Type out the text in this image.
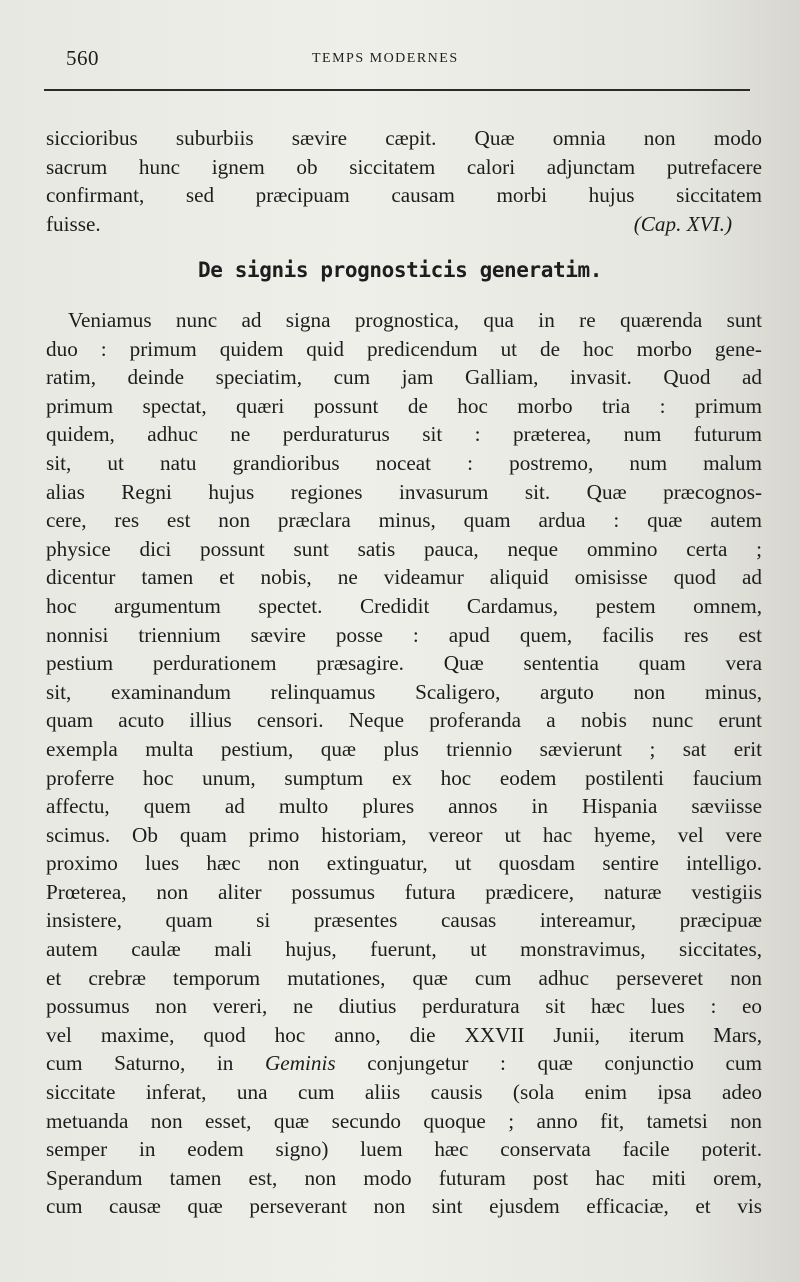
560	TEMPS MODERNES
siccioribus suburbiis sævire cæpit. Quæ omnia non modo
sacrum hunc ignem ob siccitatem calori adjunctam putrefacere
confirmant, sed præcipuam causam morbi hujus siccitatem
fuisse.	(Cap. XVI.)
De signis prognosticis generatim.
Veniamus nunc ad signa prognostica, qua in re quærenda sunt
duo : primum quidem quid predicendum ut de hoc morbo gene-
ratim, deinde speciatim, cum jam Galliam, invasit. Quod ad
primum spectat, quæri possunt de hoc morbo tria : primum
quidem, adhuc ne perduraturus sit : præterea, num futurum
sit, ut natu grandioribus noceat : postremo, num malum
alias Regni hujus regiones invasurum sit. Quæ præcognos-
cere, res est non præclara minus, quam ardua : quæ autem
physice dici possunt sunt satis pauca, neque ommino certa ;
dicentur tamen et nobis, ne videamur aliquid omisisse quod ad
hoc argumentum spectet. Credidit Cardamus, pestem omnem,
nonnisi triennium sævire posse : apud quem, facilis res est
pestium perdurationem præsagire. Quæ sententia quam vera
sit, examinandum relinquamus Scaligero, arguto non minus,
quam acuto illius censori. Neque proferanda a nobis nunc erunt
exempla multa pestium, quæ plus triennio sævierunt ; sat erit
proferre hoc unum, sumptum ex hoc eodem postilenti faucium
affectu, quem ad multo plures annos in Hispania sæviisse
scimus. Ob quam primo historiam, vereor ut hac hyeme, vel vere
proximo lues hæc non extinguatur, ut quosdam sentire intelligo.
Prœterea, non aliter possumus futura prædicere, naturæ vestigiis
insistere, quam si præsentes causas intereamur, præcipuæ
autem caulæ mali hujus, fuerunt, ut monstravimus, siccitates,
et crebræ temporum mutationes, quæ cum adhuc perseveret non
possumus non vereri, ne diutius perduratura sit hæc lues : eo
vel maxime, quod hoc anno, die XXVII Junii, iterum Mars,
cum Saturno, in Geminis conjungetur : quæ conjunctio cum
siccitate inferat, una cum aliis causis (sola enim ipsa adeo
metuanda non esset, quæ secundo quoque ; anno fit, tametsi non
semper in eodem signo) luem hæc conservata facile poterit.
Sperandum tamen est, non modo futuram post hac miti orem,
cum causæ quæ perseverant non sint ejusdem efficaciæ, et vis
